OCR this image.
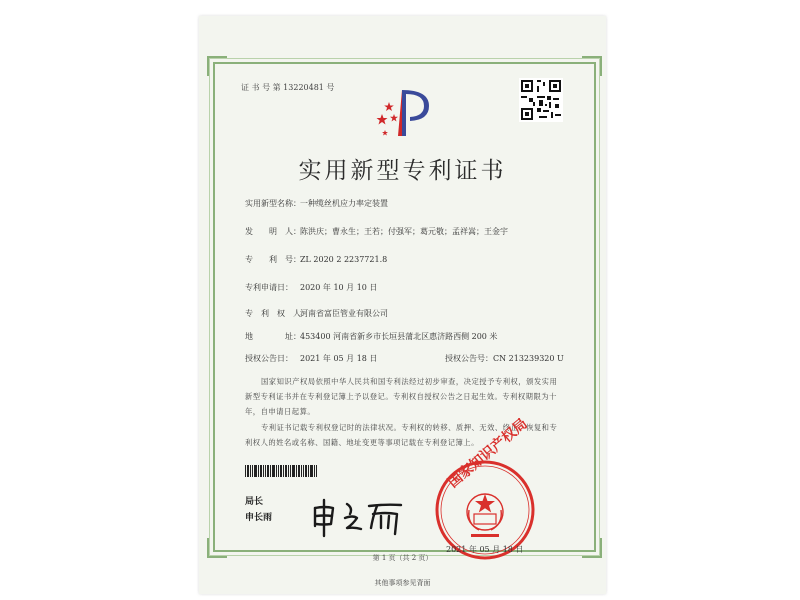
证 书 号 第 13220481 号
实用新型专利证书
实用新型名称：一种缆丝机应力率定装置
发　　明　人：陈洪庆；曹永生；王若；付强军；葛元敬；孟祥嵩；王金宇
专　　利　号：ZL 2020 2 2237721.8
专利申请日： 2020 年 10 月 10 日
专　利　权　人：河南省富臣管业有限公司
地　　　　址：453400 河南省新乡市长垣县蒲北区惠济路西侧 200 米
授权公告日： 2021 年 05 月 18 日	授权公告号：CN 213239320 U
国家知识产权局依照中华人民共和国专利法经过初步审查，决定授予专利权，颁发实用新型专利证书并在专利登记簿上予以登记。专利权自授权公告之日起生效。专利权期限为十年，自申请日起算。
专利证书记载专利权登记时的法律状况。专利权的转移、质押、无效、终止、恢复和专利权人的姓名或名称、国籍、地址变更等事项记载在专利登记簿上。
局长
申长雨
国家知识产权局
2021 年 05 月 18 日
第 1 页（共 2 页）
其他事项参见背面
